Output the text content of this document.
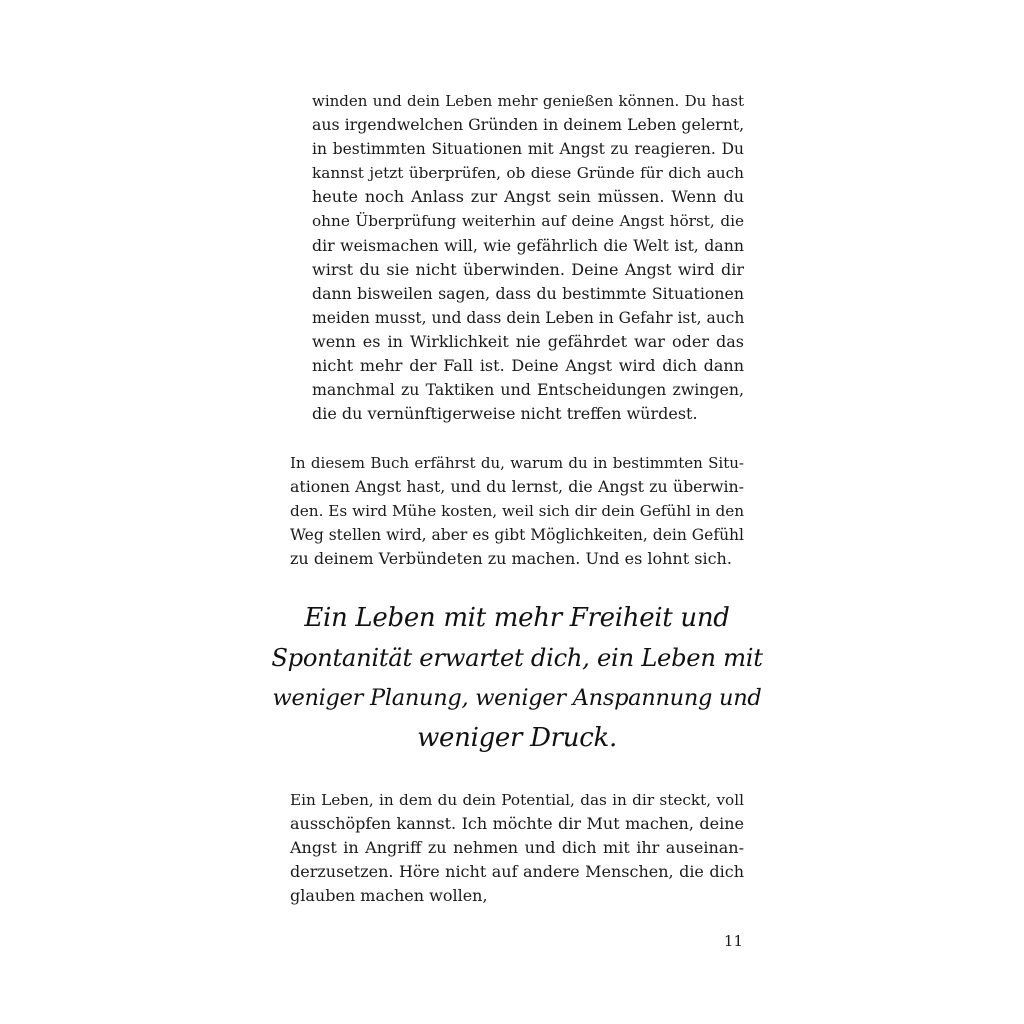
winden und dein Leben mehr genießen können. Du hast
aus irgendwelchen Gründen in deinem Leben gelernt,
in bestimmten Situationen mit Angst zu reagieren. Du
kannst jetzt überprüfen, ob diese Gründe für dich auch
heute noch Anlass zur Angst sein müssen. Wenn du
ohne Überprüfung weiterhin auf deine Angst hörst, die
dir weismachen will, wie gefährlich die Welt ist, dann
wirst du sie nicht überwinden. Deine Angst wird dir
dann bisweilen sagen, dass du bestimmte Situationen
meiden musst, und dass dein Leben in Gefahr ist, auch
wenn es in Wirklichkeit nie gefährdet war oder das
nicht mehr der Fall ist. Deine Angst wird dich dann
manchmal zu Taktiken und Entscheidungen zwingen,
die du vernünftigerweise nicht treffen würdest.
In diesem Buch erfährst du, warum du in bestimmten Situ-
ationen Angst hast, und du lernst, die Angst zu überwin-
den. Es wird Mühe kosten, weil sich dir dein Gefühl in den
Weg stellen wird, aber es gibt Möglichkeiten, dein Gefühl
zu deinem Verbündeten zu machen. Und es lohnt sich.
Ein Leben mit mehr Freiheit und
Spontanität erwartet dich, ein Leben mit
weniger Planung, weniger Anspannung und
weniger Druck.
Ein Leben, in dem du dein Potential, das in dir steckt, voll
ausschöpfen kannst. Ich möchte dir Mut machen, deine
Angst in Angriff zu nehmen und dich mit ihr auseinan-
derzusetzen. Höre nicht auf andere Menschen, die dich
glauben machen wollen,

11
